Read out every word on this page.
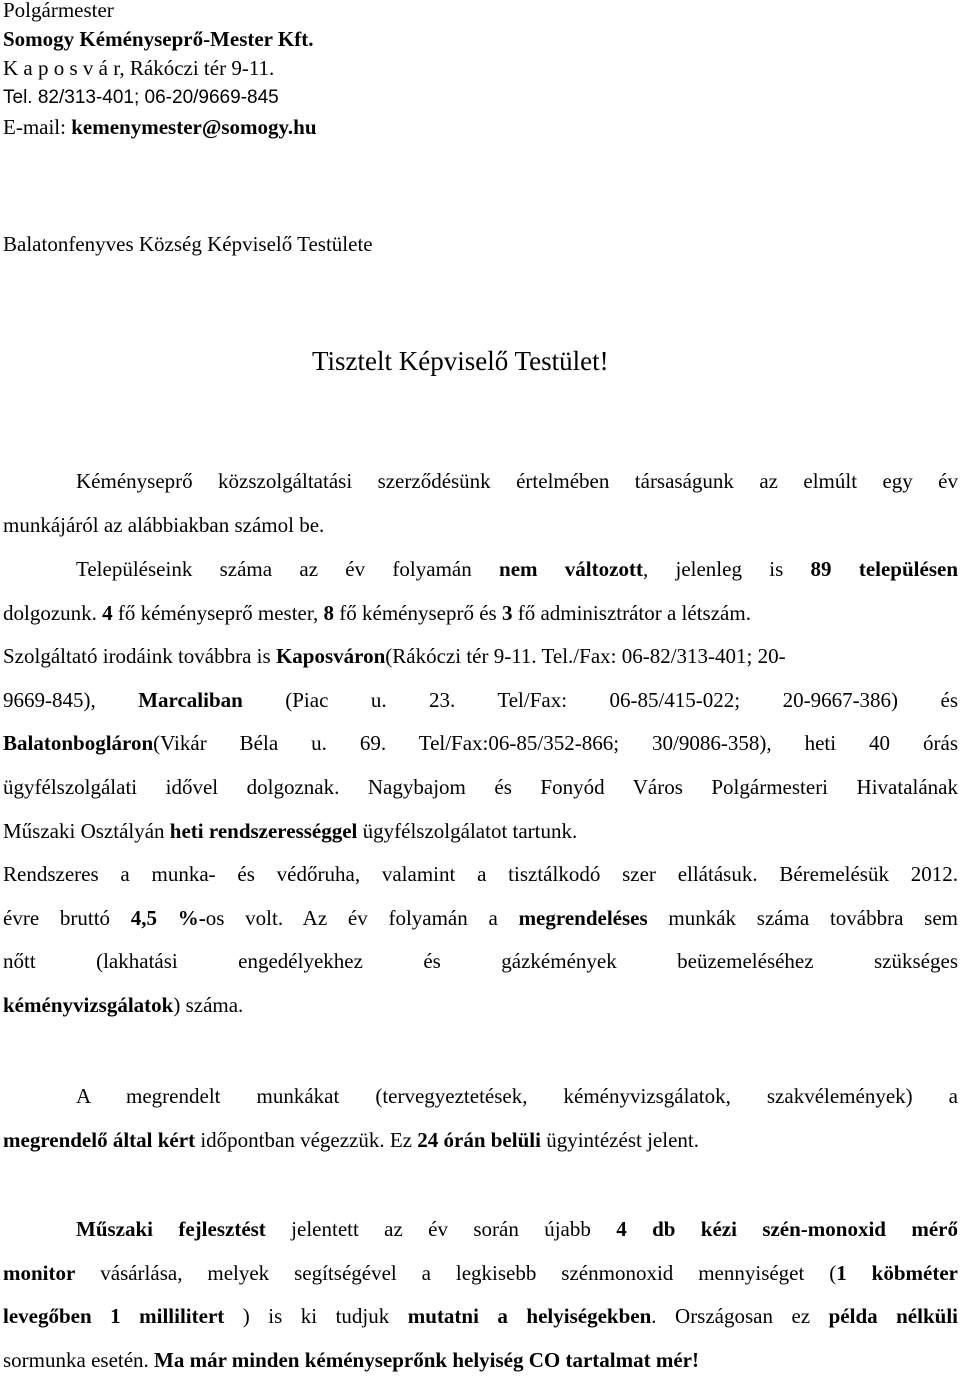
Polgármester
Somogy Kéményseprő-Mester Kft.
K a p o s v á r, Rákóczi tér 9-11.
Tel. 82/313-401; 06-20/9669-845
E-mail: kemenymester@somogy.hu
Balatonfenyves Község Képviselő Testülete
Tisztelt Képviselő Testület!
Kéményseprő közszolgáltatási szerződésünk értelmében társaságunk az elmúlt egy év
munkájáról az alábbiakban számol be.
Településeink száma az év folyamán nem változott, jelenleg is 89 településen
dolgozunk. 4 fő kéményseprő mester, 8 fő kéményseprő és 3 fő adminisztrátor a létszám.
Szolgáltató irodáink továbbra is Kaposváron(Rákóczi tér 9-11. Tel./Fax: 06-82/313-401; 20-
9669-845), Marcaliban (Piac u. 23. Tel/Fax: 06-85/415-022; 20-9667-386) és
Balatonbogláron(Vikár Béla u. 69. Tel/Fax:06-85/352-866; 30/9086-358), heti 40 órás
ügyfélszolgálati idővel dolgoznak. Nagybajom és Fonyód Város Polgármesteri Hivatalának
Műszaki Osztályán heti rendszerességgel ügyfélszolgálatot tartunk.
Rendszeres a munka- és védőruha, valamint a tisztálkodó szer ellátásuk. Béremelésük 2012.
évre bruttó 4,5 %-os volt. Az év folyamán a megrendeléses munkák száma továbbra sem
nőtt (lakhatási engedélyekhez és gázkémények beüzemeléséhez szükséges
kéményvizsgálatok) száma.
A megrendelt munkákat (tervegyeztetések, kéményvizsgálatok, szakvélemények) a
megrendelő által kért időpontban végezzük. Ez 24 órán belüli ügyintézést jelent.
Műszaki fejlesztést jelentett az év során újabb 4 db kézi szén-monoxid mérő
monitor vásárlása, melyek segítségével a legkisebb szénmonoxid mennyiséget (1 köbméter
levegőben 1 millilitert ) is ki tudjuk mutatni a helyiségekben. Országosan ez példa nélküli
sormunka esetén. Ma már minden kéményseprőnk helyiség CO tartalmat mér!
